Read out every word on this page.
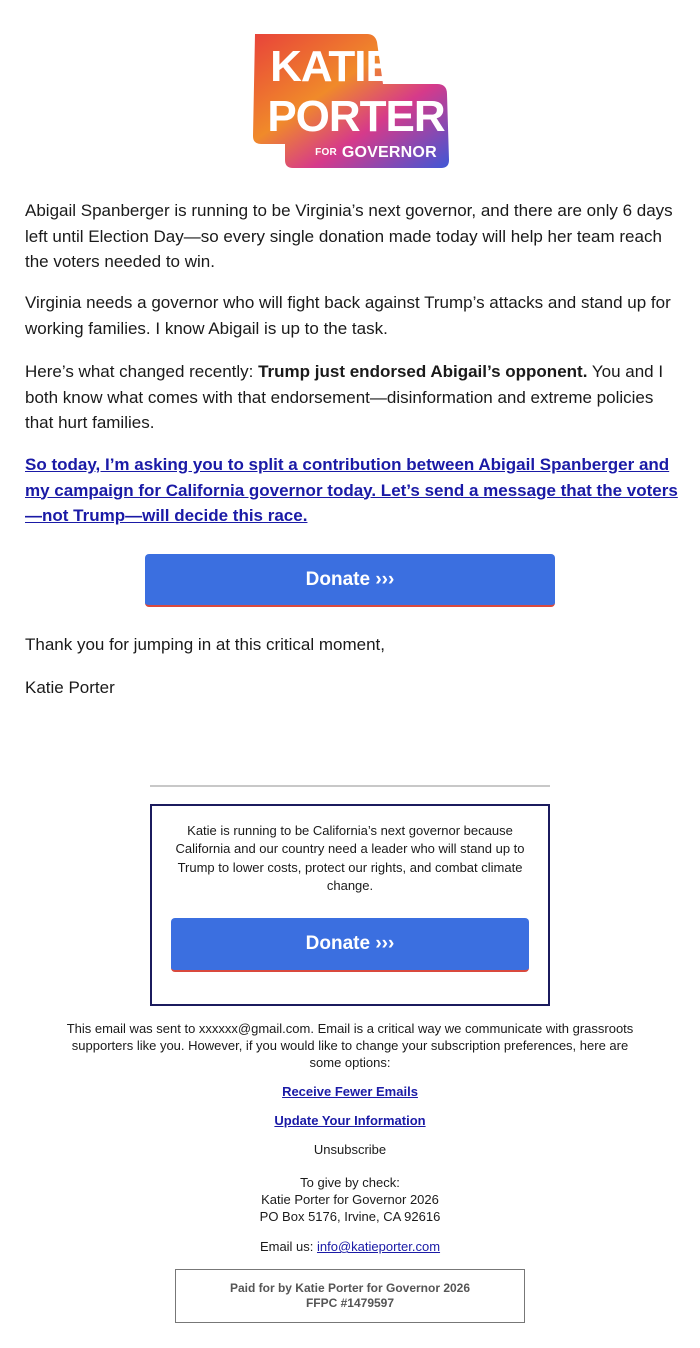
KATIE
PORTER
FOR GOVERNOR

Abigail Spanberger is running to be Virginia’s next governor, and there are only 6 days left until Election Day—so every single donation made today will help her team reach the voters needed to win.

Virginia needs a governor who will fight back against Trump’s attacks and stand up for working families. I know Abigail is up to the task.

Here’s what changed recently: Trump just endorsed Abigail’s opponent. You and I both know what comes with that endorsement—disinformation and extreme policies that hurt families.

So today, I’m asking you to split a contribution between Abigail Spanberger and my campaign for California governor today. Let’s send a message that the voters—not Trump—will decide this race.

Donate ›››

Thank you for jumping in at this critical moment,

Katie Porter

Katie is running to be California’s next governor because California and our country need a leader who will stand up to Trump to lower costs, protect our rights, and combat climate change.

Donate ›››

This email was sent to xxxxxx@gmail.com. Email is a critical way we communicate with grassroots supporters like you. However, if you would like to change your subscription preferences, here are some options:

Receive Fewer Emails

Update Your Information

Unsubscribe

To give by check:
Katie Porter for Governor 2026
PO Box 5176, Irvine, CA 92616

Email us: info@katieporter.com

Paid for by Katie Porter for Governor 2026
FFPC #1479597
